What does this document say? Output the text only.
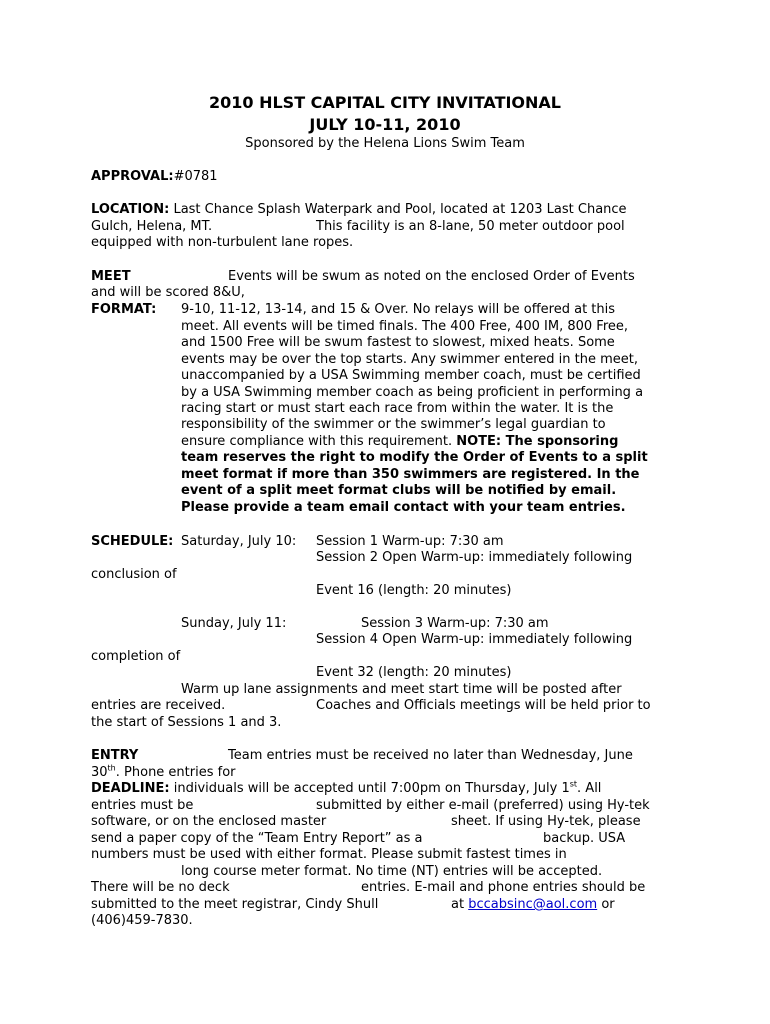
2010 HLST CAPITAL CITY INVITATIONAL
JULY 10-11, 2010
Sponsored by the Helena Lions Swim Team
APPROVAL:#0781
LOCATION: Last Chance Splash Waterpark and Pool, located at 1203 Last Chance
Gulch, Helena, MT.	This facility is an 8-lane, 50 meter outdoor pool
equipped with non-turbulent lane ropes.
MEET	Events will be swum as noted on the enclosed Order of Events
and will be scored 8&U,
FORMAT: 9-10, 11-12, 13-14, and 15 & Over. No relays will be offered at this
meet. All events will be timed finals. The 400 Free, 400 IM, 800 Free,
and 1500 Free will be swum fastest to slowest, mixed heats. Some
events may be over the top starts. Any swimmer entered in the meet,
unaccompanied by a USA Swimming member coach, must be certified
by a USA Swimming member coach as being proficient in performing a
racing start or must start each race from within the water. It is the
responsibility of the swimmer or the swimmer’s legal guardian to
ensure compliance with this requirement. NOTE: The sponsoring
team reserves the right to modify the Order of Events to a split
meet format if more than 350 swimmers are registered. In the
event of a split meet format clubs will be notified by email.
Please provide a team email contact with your team entries.
SCHEDULE: Saturday, July 10: Session 1 Warm-up: 7:30 am
Session 2 Open Warm-up: immediately following
conclusion of
Event 16 (length: 20 minutes)
Sunday, July 11:	Session 3 Warm-up: 7:30 am
Session 4 Open Warm-up: immediately following
completion of
Event 32 (length: 20 minutes)
Warm up lane assignments and meet start time will be posted after
entries are received.	Coaches and Officials meetings will be held prior to
the start of Sessions 1 and 3.
ENTRY	Team entries must be received no later than Wednesday, June
30th. Phone entries for
DEADLINE: individuals will be accepted until 7:00pm on Thursday, July 1st. All
entries must be	submitted by either e-mail (preferred) using Hy-tek
software, or on the enclosed master	sheet. If using Hy-tek, please
send a paper copy of the “Team Entry Report” as a	backup. USA
numbers must be used with either format. Please submit fastest times in
long course meter format. No time (NT) entries will be accepted.
There will be no deck	entries. E-mail and phone entries should be
submitted to the meet registrar, Cindy Shull	at bccabsinc@aol.com or
(406)459-7830.
